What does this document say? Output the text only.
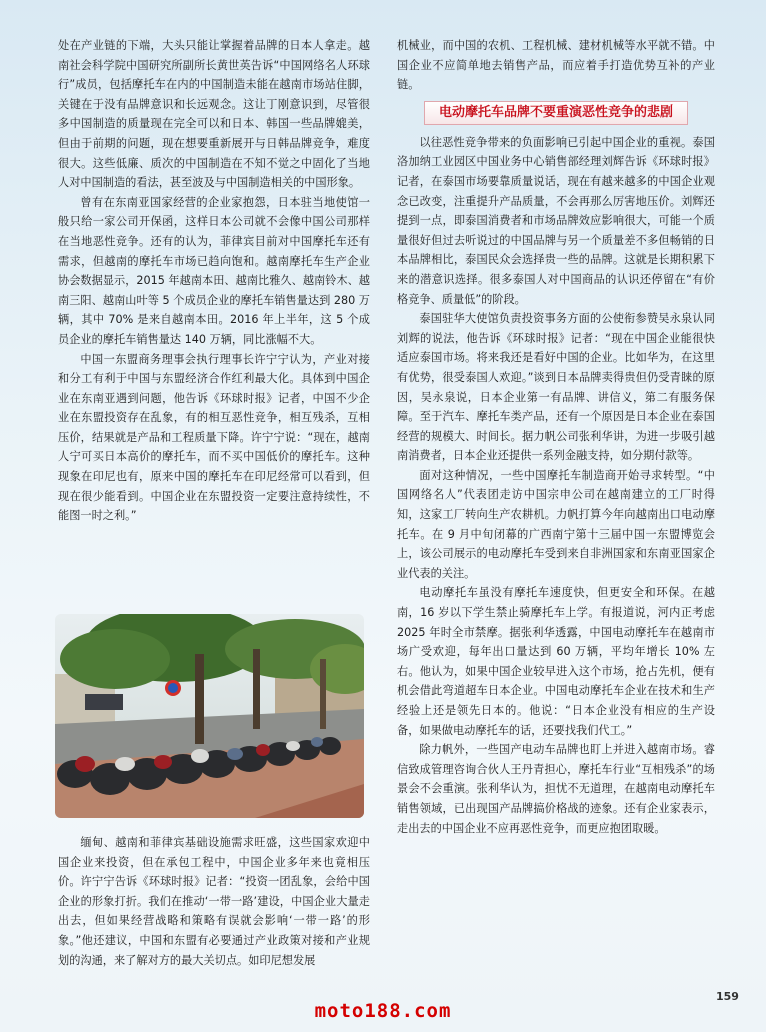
处在产业链的下端，大头只能让掌握着品牌的日本人拿走。越南社会科学院中国研究所副所长黄世英告诉“中国网络名人环球行”成员，包括摩托车在内的中国制造未能在越南市场站住脚，关键在于没有品牌意识和长远观念。这让丁刚意识到，尽管很多中国制造的质量现在完全可以和日本、韩国一些品牌媲美，但由于前期的问题，现在想要重新展开与日韩品牌竞争，难度很大。这些低廉、质次的中国制造在不知不觉之中固化了当地人对中国制造的看法，甚至波及与中国制造相关的中国形象。

曾有在东南亚国家经营的企业家抱怨，日本驻当地使馆一般只给一家公司开保函，这样日本公司就不会像中国公司那样在当地恶性竞争。还有的认为，菲律宾目前对中国摩托车还有需求，但越南的摩托车市场已趋向饱和。越南摩托车生产企业协会数据显示，2015 年越南本田、越南比雅久、越南铃木、越南三阳、越南山叶等 5 个成员企业的摩托车销售量达到 280 万辆，其中 70% 是来自越南本田。2016 年上半年，这 5 个成员企业的摩托车销售量达 140 万辆，同比涨幅不大。

中国一东盟商务理事会执行理事长许宁宁认为，产业对接和分工有利于中国与东盟经济合作红利最大化。具体到中国企业在东南亚遇到问题，他告诉《环球时报》记者，中国不少企业在东盟投资存在乱象，有的相互恶性竞争，相互残杀，互相压价，结果就是产品和工程质量下降。许宁宁说：“现在，越南人宁可买日本高价的摩托车，而不买中国低价的摩托车。这种现象在印尼也有，原来中国的摩托车在印尼经常可以看到，但现在很少能看到。中国企业在东盟投资一定要注意持续性，不能图一时之利。”

缅甸、越南和菲律宾基础设施需求旺盛，这些国家欢迎中国企业来投资，但在承包工程中，中国企业多年来也竟相压价。许宁宁告诉《环球时报》记者：“投资一团乱象，会给中国企业的形象打折。我们在推动‘一带一路’建设，中国企业大量走出去，但如果经营战略和策略有误就会影响‘一带一路’的形象。”他还建议，中国和东盟有必要通过产业政策对接和产业规划的沟通，来了解对方的最大关切点。如印尼想发展

机械业，而中国的农机、工程机械、建材机械等水平就不错。中国企业不应简单地去销售产品，而应着手打造优势互补的产业链。

电动摩托车品牌不要重演恶性竞争的悲剧

以往恶性竞争带来的负面影响已引起中国企业的重视。泰国洛加纳工业园区中国业务中心销售部经理刘辉告诉《环球时报》记者，在泰国市场要靠质量说话，现在有越来越多的中国企业观念已改变，注重提升产品质量，不会再那么厉害地压价。刘辉还提到一点，即泰国消费者和市场品牌效应影响很大，可能一个质量很好但过去听说过的中国品牌与另一个质量差不多但畅销的日本品牌相比，泰国民众会选择贵一些的品牌。这就是长期积累下来的潜意识选择。很多泰国人对中国商品的认识还停留在“有价格竞争、质量低”的阶段。

泰国驻华大使馆负责投资事务方面的公使衔参赞吴永泉认同刘辉的说法，他告诉《环球时报》记者：“现在中国企业能很快适应泰国市场。将来我还是看好中国的企业。比如华为，在这里有优势，很受泰国人欢迎。”谈到日本品牌卖得贵但仍受青睐的原因，吴永泉说，日本企业第一有品牌、讲信义，第二有服务保障。至于汽车、摩托车类产品，还有一个原因是日本企业在泰国经营的规模大、时间长。据力帆公司张利华讲，为进一步吸引越南消费者，日本企业还提供一系列金融支持，如分期付款等。

面对这种情况，一些中国摩托车制造商开始寻求转型。“中国网络名人”代表团走访中国宗申公司在越南建立的工厂时得知，这家工厂转向生产农耕机。力帆打算今年向越南出口电动摩托车。在 9 月中旬闭幕的广西南宁第十三届中国一东盟博览会上，该公司展示的电动摩托车受到来自非洲国家和东南亚国家企业代表的关注。

电动摩托车虽没有摩托车速度快，但更安全和环保。在越南，16 岁以下学生禁止骑摩托车上学。有报道说，河内正考虑 2025 年时全市禁摩。据张利华透露，中国电动摩托车在越南市场广受欢迎，每年出口量达到 60 万辆，平均年增长 10% 左右。他认为，如果中国企业较早进入这个市场，抢占先机，便有机会借此弯道超车日本企业。中国电动摩托车企业在技术和生产经验上还是领先日本的。他说：“日本企业没有相应的生产设备，如果做电动摩托车的话，还要找我们代工。”

除力帆外，一些国产电动车品牌也盯上并进入越南市场。睿信致成管理咨询合伙人王丹青担心，摩托车行业“互相残杀”的场景会不会重演。张利华认为，担忧不无道理，在越南电动摩托车销售领域，已出现国产品牌搞价格战的迹象。还有企业家表示，走出去的中国企业不应再恶性竞争，而更应抱团取暖。

moto188.com
159
